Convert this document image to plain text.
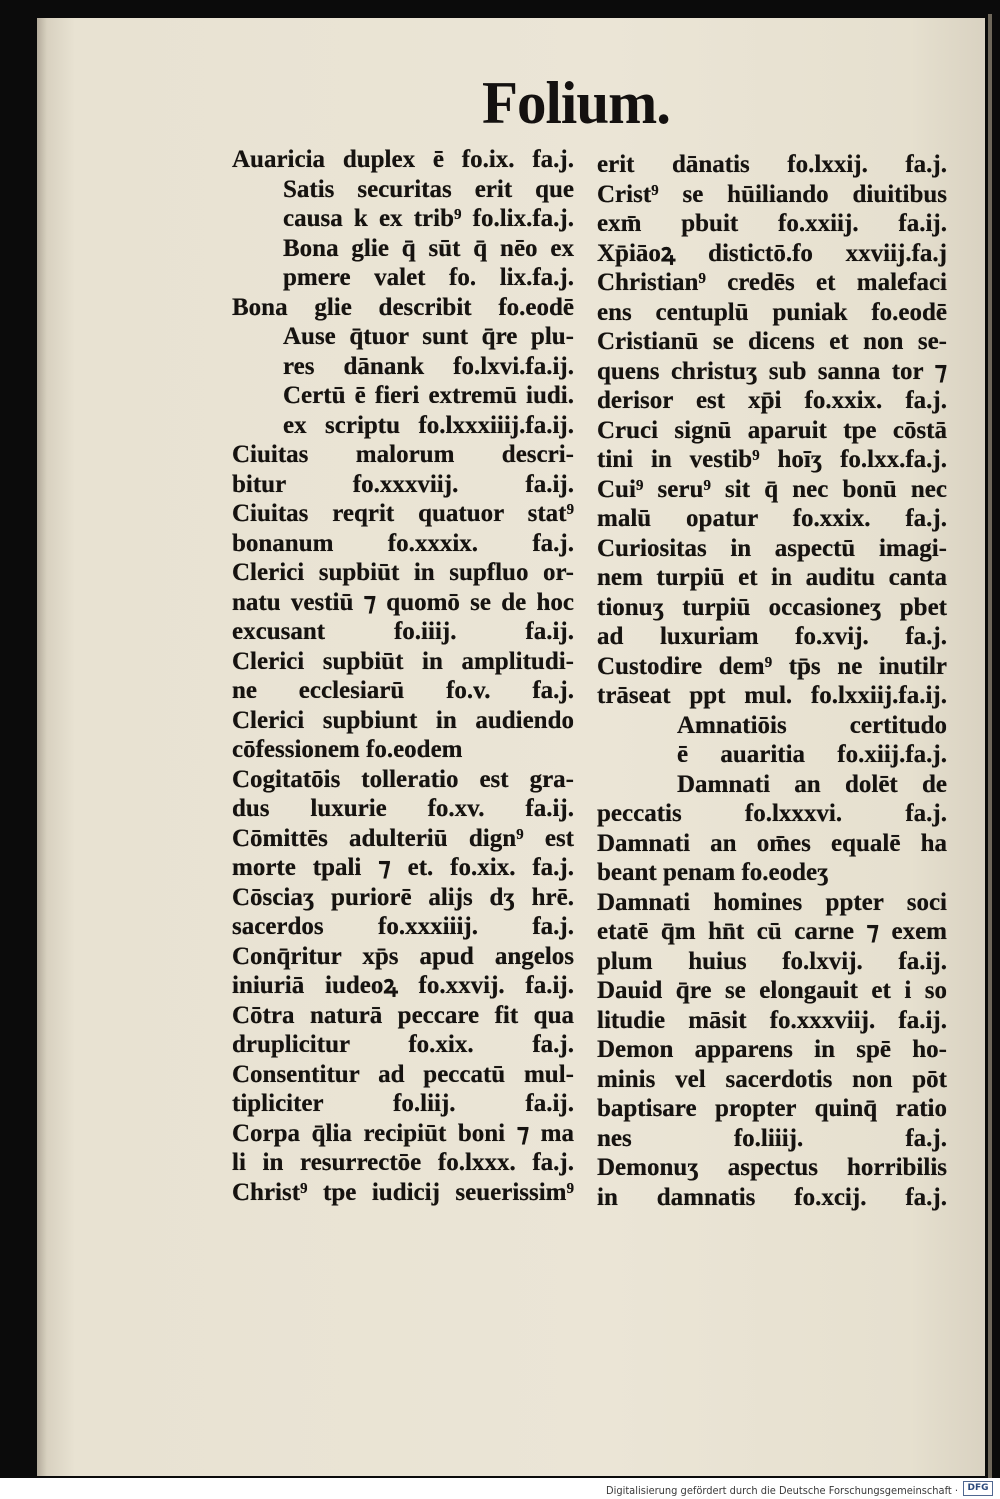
Folium.
Auaricia duplex ē fo.ix. fa.j.
Satis securitas erit que
causa k ex trib⁹ fo.lix.fa.j.
Bona glie q̄ sūt q̄ nēo ex
pmere valet fo. lix.fa.j.
Bona glie describit fo.eodē
Ause q̄tuor sunt q̄re plu-
res dānank fo.lxvi.fa.ij.
Certū ē fieri extremū iudi.
ex scriptu fo.lxxxiiij.fa.ij.
Ciuitas malorum descri-
bitur fo.xxxviij. fa.ij.
Ciuitas reqrit quatuor stat⁹
bonanum fo.xxxix. fa.j.
Clerici supbiūt in supfluo or-
natu vestiū ⁊ quomō se de hoc
excusant fo.iiij. fa.ij.
Clerici supbiūt in amplitudi-
ne ecclesiarū fo.v. fa.j.
Clerici supbiunt in audiendo
cōfessionem fo.eodem
Cogitatōis tolleratio est gra-
dus luxurie fo.xv. fa.ij.
Cōmittēs adulteriū dign⁹ est
morte tpali ⁊ et. fo.xix. fa.j.
Cōsciaʒ puriorē alijs dʒ hrē.
sacerdos fo.xxxiiij. fa.j.
Conq̄ritur xp̄s apud angelos
iniuriā iudeoꝝ fo.xxvij. fa.ij.
Cōtra naturā peccare fit qua
druplicitur fo.xix. fa.j.
Consentitur ad peccatū mul-
tipliciter fo.liij. fa.ij.
Corpa q̄lia recipiūt boni ⁊ ma
li in resurrectōe fo.lxxx. fa.j.
Christ⁹ tpe iudicij seuerissim⁹
erit dānatis fo.lxxij. fa.j.
Crist⁹ se hūiliando diuitibus
exm̄ pbuit fo.xxiij. fa.ij.
Xp̄iāoꝝ distictō.fo xxviij.fa.j
Christian⁹ credēs et malefaci
ens centuplū puniak fo.eodē
Cristianū se dicens et non se-
quens christuʒ sub sanna tor ⁊
derisor est xp̄i fo.xxix. fa.j.
Cruci signū aparuit tpe cōstā
tini in vestib⁹ hoīʒ fo.lxx.fa.j.
Cui⁹ seru⁹ sit q̄ nec bonū nec
malū opatur fo.xxix. fa.j.
Curiositas in aspectū imagi-
nem turpiū et in auditu canta
tionuʒ turpiū occasioneʒ pbet
ad luxuriam fo.xvij. fa.j.
Custodire dem⁹ tp̄s ne inutilr
trāseat ppt mul. fo.lxxiij.fa.ij.
Amnatiōis certitudo
ē auaritia fo.xiij.fa.j.
Damnati an dolēt de
peccatis fo.lxxxvi. fa.j.
Damnati an om̄es equalē ha
beant penam fo.eodeʒ
Damnati homines ppter soci
etatē q̄m hn̄t cū carne ⁊ exem
plum huius fo.lxvij. fa.ij.
Dauid q̄re se elongauit et i so
litudie māsit fo.xxxviij. fa.ij.
Demon apparens in spē ho-
minis vel sacerdotis non pōt
baptisare propter quinq̄ ratio
nes fo.liiij. fa.j.
Demonuʒ aspectus horribilis
in damnatis fo.xcij. fa.j.
Digitalisierung gefördert durch die Deutsche Forschungsgemeinschaft ·	DFG
